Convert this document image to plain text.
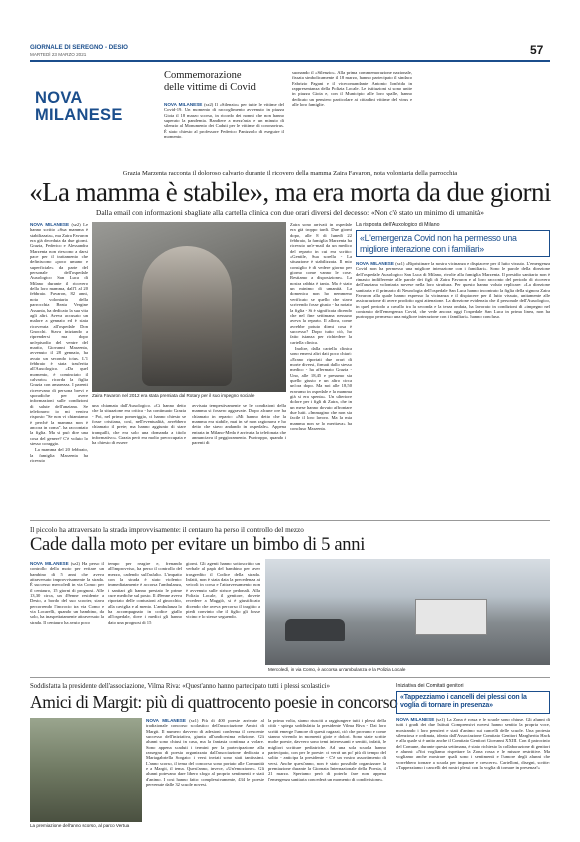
GIORNALE DI SEREGNO - DESIO
MARTEDÌ 23 MARZO 2021	57
NOVA
MILANESE
Commemorazione
delle vittime di Covid

NOVA MILANESE (sz2) Il «Silenzio» per tutte le vittime del Covid-19. Un momento di raccoglimento avvenuto in piazza Gioia il 18 marzo scorso, in ricordo dei nonni che non hanno superato la pandemia. Bandiere a mezz'asta e un minuto di silenzio al Monumento dei Caduti per le vittime di coronavirus. È stato chiesto al professore Federico Panizzolo di eseguire il momento.

suonando il «Silenzio». Alla prima commemorazione nazionale, fissata simbolicamente il 18 marzo, hanno partecipato il sindaco Fabrizio Pagani e il vicecomandante Antonio Ionfrida in rappresentanza della Polizia Locale. Le istituzioni si sono unite in piazza Gioia e, con il Municipio alle loro spalle, hanno dedicato un pensiero particolare ai cittadini vittime del virus e alle loro famiglie.

Grazia Marzenta racconta il doloroso calvario durante il ricovero della mamma Zaira Favaron, nota volontaria della parrocchia
«La mamma è stabile», ma era morta da due giorni
Dalla email con informazioni sbagliate alla cartella clinica con due orari diversi del decesso: «Non c'è stato un minimo di umanità»

NOVA MILANESE (sz2) Le hanno scritto «Sua mamma è stabilizzata», ma Zaira Favaron era già deceduta da due giorni. Grazia, Federico e Alessandra Marzenta non riescono a darsi pace per il trattamento che definiscono «poco umano e superficiale» da parte del personale dell'ospedale Auxologico San Luca di Milano durante il ricovero della loro mamma, dall'1 al 20 febbraio. Favaron, 82 anni, nota volontaria della parrocchia Beata Vergine Assunta, ha dedicato la sua vita agli altri. Aveva accusato un malore a gennaio ed è stata ricoverata all'ospedale Don Gnocchi. Stava iniziando a riprendersi ma dopo un'episodio del ventre del marito, Giovanni Marzenta, avvenuto il 28 gennaio, ha avuto un secondo ictus. L'1 febbraio è stata trasferita all'Auxologico. «Da quel momento, è cominciato il calvario» ricorda la figlia Grazia con amarezza. I parenti ricevevano di persona brevi e sporadiche per avere informazioni sulle condizioni di salute dell'anziana. Se telefonavo io mi veniva risposto "Se non vi chiamiamo è perché la mamma non è ancora in coma". ha raccontato la figlia. Ma si può dire una cosa del genere? C'è voluto lo stesso coraggio.

La mamma del 20 febbraio, la famiglia Marzenta ha ricevuto

Zaira Favaron nel 2012 era stata premiata dal Rotary per il suo impegno sociale

una chiamata dall'Auxologico. «Ci hanno detto che la situazione era critica - ha continuato Grazia - Poi, nel primo pomeriggio, ci hanno chiesto se fosse cristiana, così, nell'eventualità, avrebbero chiamato il prete; ma hanno aggiunto di stare tranquilli, che era solo una domanda a titolo informativo». Grazia però era molto preoccupata e ha chiesto di essere

avvisata tempestivamente se le condizioni della mamma si fossero aggravate. Dopo alcune ore ha chiamato in reparto: «Mi hanno detto che la mamma era stabile, mai in sé non ragionava e ho detto che stavo andando in ospedale». Appena entrata in Milano-Meda è arrivata la telefonata che annunciava il peggioramento. Purtroppo, quando i parenti di

Zaira sono arrivati in ospedale era già troppo tardi. Due giorni dopo, alle 8 di lunedì 22 febbraio, la famiglia Marzenta ha ricevuto un'e-mail da un medico del reparto in cui era scritto: «Gentile, Sua sorella - La situazione è stabilizzata. Il mio consiglio è di vedere giorno per giorno come vanno le cose. Restiamo a disposizione». La nostra rabbia è tanta. Ma è stato un minimo di umanità. La domenica non ho nemmeno verificato se quello che stava scrivendo fosse giusto - ha notato la figlia - Si è significata dicendo che nel fine settimana nessuno aveva la reparto. Il allora, come avrebbe potuto dirmi cosa è successo? Dopo tutto ciò, ho fatto istanza per richiedere la cartella clinica.

Inoltre, dalla cartella clinica sono emersi altri dati poco chiari: «Erano riportati due orari di morte diversi, firmati dallo stesso medico - ha affermato Grazia - Uno, alle 18,45 e presumo sia quello giusto e un altro circa un'ora dopo. Ma noi alle 18,50 eravamo in ospedale e la mamma già si era spenta». Un ulteriore dolore per i figli di Zaira, che in un mese hanno dovuto affrontare due lutti. «Immagino che non sia facile il loro lavoro. Ma la mia mamma non se lo meritava» ha concluso Marzenta.

La risposta dell'Auxologico di Milano
«L'emergenza Covid non ha permesso una migliore interazione con i familiari»

NOVA MILANESE (sz1) «Ripristinare la nostra vicinanza e dispiacere per il lutto vissuto. L'emergenza Covid non ha permesso una migliore interazione con i familiari». Sono le parole della direzione dell'ospedale Auxologico San Luca di Milano, rivolte alla famiglia Marzenta. Il presidio sanitario non è rimasto indifferente alle parole dei figli di Zaira Favaron e al loro racconto del periodo di ricovero dell'anziana volontaria novese nella loro struttura. Per questo hanno voluto replicare: «La direzione sanitaria e il primario di Neurologia dell'ospedale San Luca hanno incontrato la figlia della signora Zaira Favaron alla quale hanno espresso la vicinanza e il dispiacere per il lutto vissuto, unitamente alle assicurazione di avere prodotto ogni attenzione. La direzione evidenzia che il personale dell'Auxologico, in quel periodo a cavallo tra la seconda e la terza ondata, ha lavorato in condizioni di «impegno nel contrasto dell'emergenza Covid, che vede ancora oggi l'ospedale San Luca in prima linea, non ha purtroppo permesso una migliore interazione con i familiari». hanno concluso.

Il piccolo ha attraversato la strada improvvisamente: il centauro ha perso il controllo del mezzo
Cade dalla moto per evitare un bimbo di 5 anni

NOVA MILANESE (sz2) Ha perso il controllo della moto per evitare un bambino di 5 anni che aveva attraversato improvvisamente la strada. È successo mercoledì in via Como: per il centauro, 15 giorni di prognosi. Alle 13,30 circa, un 49enne residente a Desio, a bordo del suo scooter, stava percorrendo l'incrocio tra via Como e via Locarelli, quando un bambino, da solo, ha inaspettatamente attraversato la strada. Il centauro ha avuto poco

tempo per reagire e, frenando all'improvviso, ha perso il controllo del mezzo, cadendo sull'asfalto. L'impatto con la strada è stato violento: immediatamente è accorsa l'ambulanza, i sanitari gli hanno prestato le prime cure mediche sul posto. Il 49enne aveva riportato delle contusioni al ginocchio, alla caviglia e al mento. L'ambulanza lo ha accompagnato in codice giallo all'ospedale, dove i medici gli hanno dato una prognosi di 15

giorni. Gli agenti hanno sottoscritto un verbale al papà del bambino per aver trasgredito il Codice della strada. Infatti, non è stata data la precedenza ai veicoli in corsa e l'attraversamento non è avvenuto sulle strisce pedonali. Alla Polizia Locale, il genitore, dovete recedere a Maggiò, si è giustificato dicendo che aveva percorso il tragitto a piedi convinto che il figlio gli fosse vicino e lo stesse seguendo.

Mercoledì, in via Como, è accorsa un'ambulanza e la Polizia Locale
Soddisfatta la presidente dell'associazione, Vilma Riva: «Quest'anno hanno partecipato tutti i plessi scolastici»
Amici di Margit: più di quattrocento poesie in concorso
La premiazione dell'anno scorso, al parco Vertua

NOVA MILANESE (sz1) Più di 400 poesie arrivate al tradizionale concorso scolastico dell'associazione Amici di Margit. Il numero davvero di adesioni conferma il crescente successo dell'iniziativa, giunta all'undicesima edizione. Gli alunni sono chiusi in casa, ma la fantasia continua a volare. Sono appena scaduti i termini per la partecipazione alla rassegna di poesia organizzata dall'associazione dedicata a Mariagabriella Sorgato: i versi inviati sono stati tantissimi. L'anno scorso, il tema del concorso sono portato alle Comunità e a Margit, il tema. Quest'anno, invece, «Un'emozione». Gli alunni potevano dare libero sfogo al proprio sentimenti e stati d'animo. I cosi hanno fatto: complessivamente, 434 le poesie pervenute dalle 32 scuole novesi.

la prima volta, siamo riusciti a raggiungere tutti i plessi della città - spiega soddisfatta la presidente Vilma Riva - Dai loro scritti emerge l'umore di questi ragazzi, ciò che provano e come stanno vivendo in momenti gioie e dolori. Sono state scritte molte poesie, davvero sono temi interessanti e sentiti, infatti, le migliori scritture pediatriche. Ad una sola scuola hanno partecipato, con per le poesie: ci verrà un po' più di tempo del solito - anticipa la presidente - C'è un vostro assortimento di versi. Anche quest'anno, non è stato possibile organizzare la premiazione durante la Giornata Internazionale della Poesia, il 21 marzo. Speriamo però di poterlo fare non appena l'emergenza sanitaria concederà un momento di condivisione».

Iniziativa dei Comitati genitori
«Tappezziamo i cancelli dei plessi con la voglia di tornare in presenza»

NOVA MILANESE (sz1) La Zona è rossa e le scuole sono chiuse. Gli alunni di tutti i gradi dei due Istituti Comprensivi novesi hanno sentito la propria voce, mostrando i loro pensieri e stati d'animo sui cancelli delle scuole. Una protesta silenziosa e ordinata, ideata dall'Associazione Comitato Genitori Margherita Hack e alla quale si è unito anche il Comitato Genitori Giovanni XXIII. Con il patrocinio del Comune, durante questa settimana, è stato richiesto la collaborazione di genitori e alunni: «Noi vogliamo rispettare la Zona rossa e le misure restrittive. Ma vogliamo anche mostrare quali sono i sentimenti e l'umore degli alunni che vorrebbero tornare a scuola per imparare e crescere». Cartelloni, disegni, scritte: «Tappezziamo i cancelli dei nostri plessi con la voglia di tornare in presenza!»
